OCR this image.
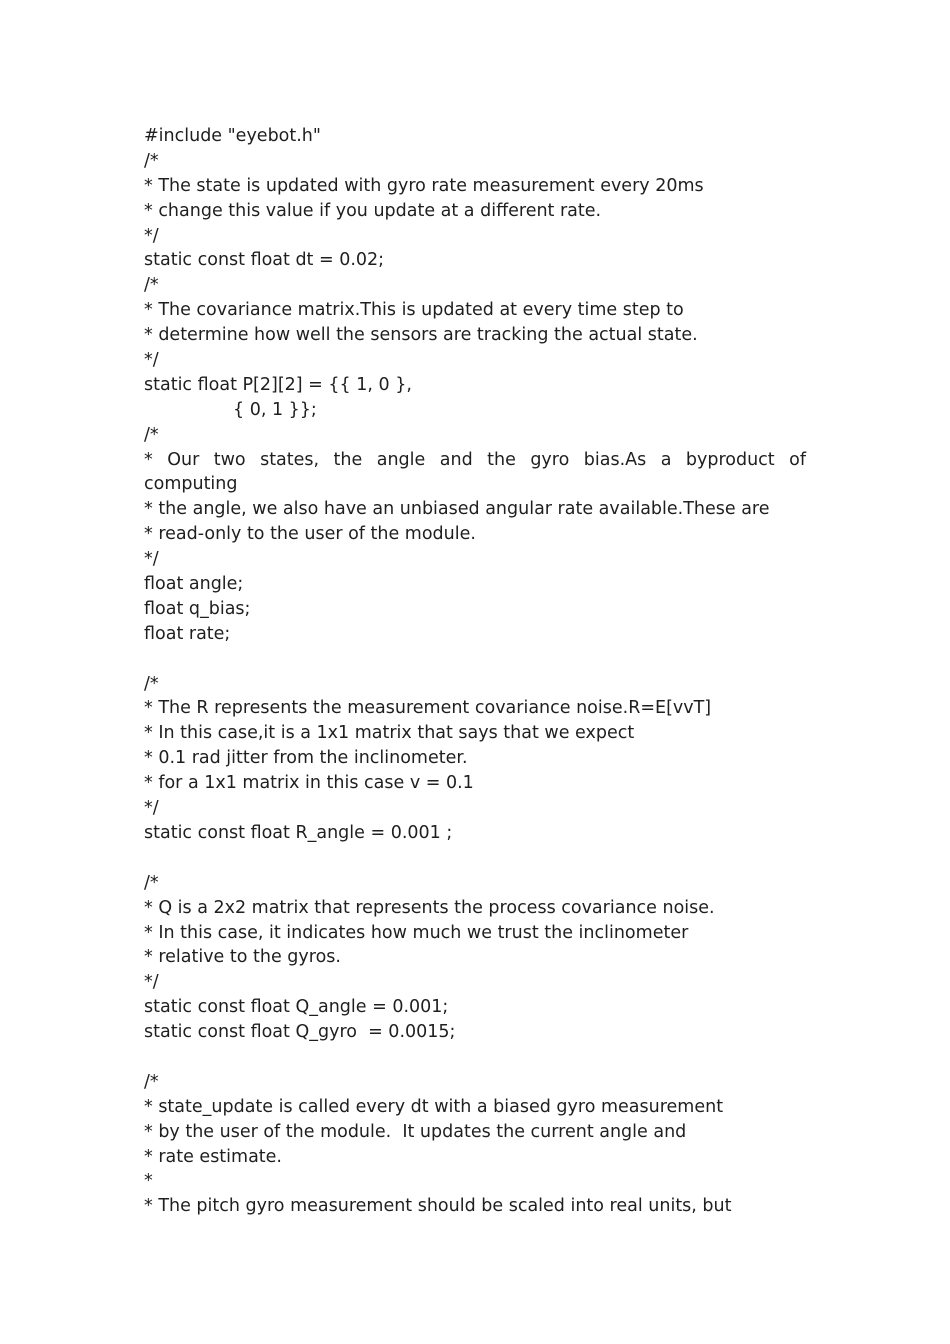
#include "eyebot.h"
/*
* The state is updated with gyro rate measurement every 20ms
* change this value if you update at a different rate.
*/
static const float dt = 0.02;
/*
* The covariance matrix.This is updated at every time step to
* determine how well the sensors are tracking the actual state.
*/
static float P[2][2] = {{ 1, 0 },
{ 0, 1 }};
/*
* Our two states, the angle and the gyro bias.As a byproduct of
computing
* the angle, we also have an unbiased angular rate available.These are
* read-only to the user of the module.
*/
float angle;
float q_bias;
float rate;
/*
* The R represents the measurement covariance noise.R=E[vvT]
* In this case,it is a 1x1 matrix that says that we expect
* 0.1 rad jitter from the inclinometer.
* for a 1x1 matrix in this case v = 0.1
*/
static const float R_angle = 0.001 ;
/*
* Q is a 2x2 matrix that represents the process covariance noise.
* In this case, it indicates how much we trust the inclinometer
* relative to the gyros.
*/
static const float Q_angle = 0.001;
static const float Q_gyro  = 0.0015;
/*
* state_update is called every dt with a biased gyro measurement
* by the user of the module.  It updates the current angle and
* rate estimate.
*
* The pitch gyro measurement should be scaled into real units, but
